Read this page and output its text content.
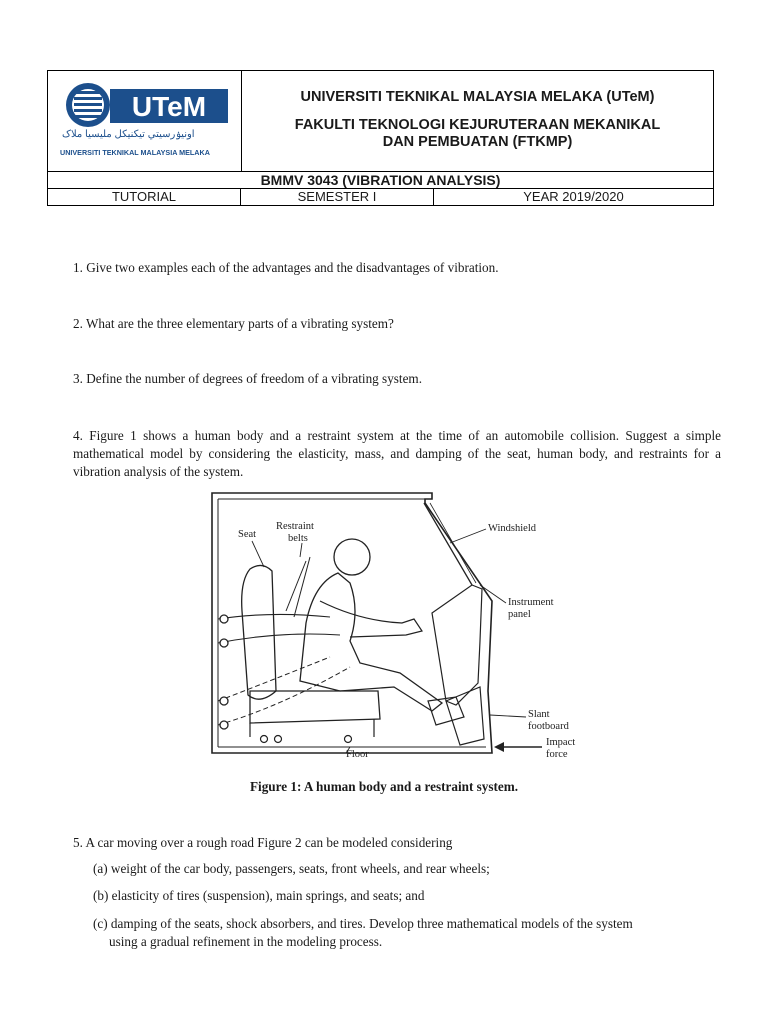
UTeM
اونيۏرسيتي تيکنيکل مليسيا ملاک
UNIVERSITI TEKNIKAL MALAYSIA MELAKA
UNIVERSITI TEKNIKAL MALAYSIA MELAKA (UTeM)
FAKULTI TEKNOLOGI KEJURUTERAAN MEKANIKAL
DAN PEMBUATAN (FTKMP)
BMMV 3043 (VIBRATION ANALYSIS)
TUTORIAL	SEMESTER I	YEAR 2019/2020
1. Give two examples each of the advantages and the disadvantages of vibration.
2. What are the three elementary parts of a vibrating system?
3. Define the number of degrees of freedom of a vibrating system.
4. Figure 1 shows a human body and a restraint system at the time of an automobile collision. Suggest a simple mathematical model by considering the elasticity, mass, and damping of the seat, human body, and restraints for a vibration analysis of the system.
Seat
Restraint
belts
Windshield
Instrument
panel
Slant
footboard
Impact
force
Floor
Figure 1: A human body and a restraint system.
5. A car moving over a rough road Figure 2 can be modeled considering
(a) weight of the car body, passengers, seats, front wheels, and rear wheels;
(b) elasticity of tires (suspension), main springs, and seats; and
(c) damping of the seats, shock absorbers, and tires. Develop three mathematical models of the system
using a gradual refinement in the modeling process.
